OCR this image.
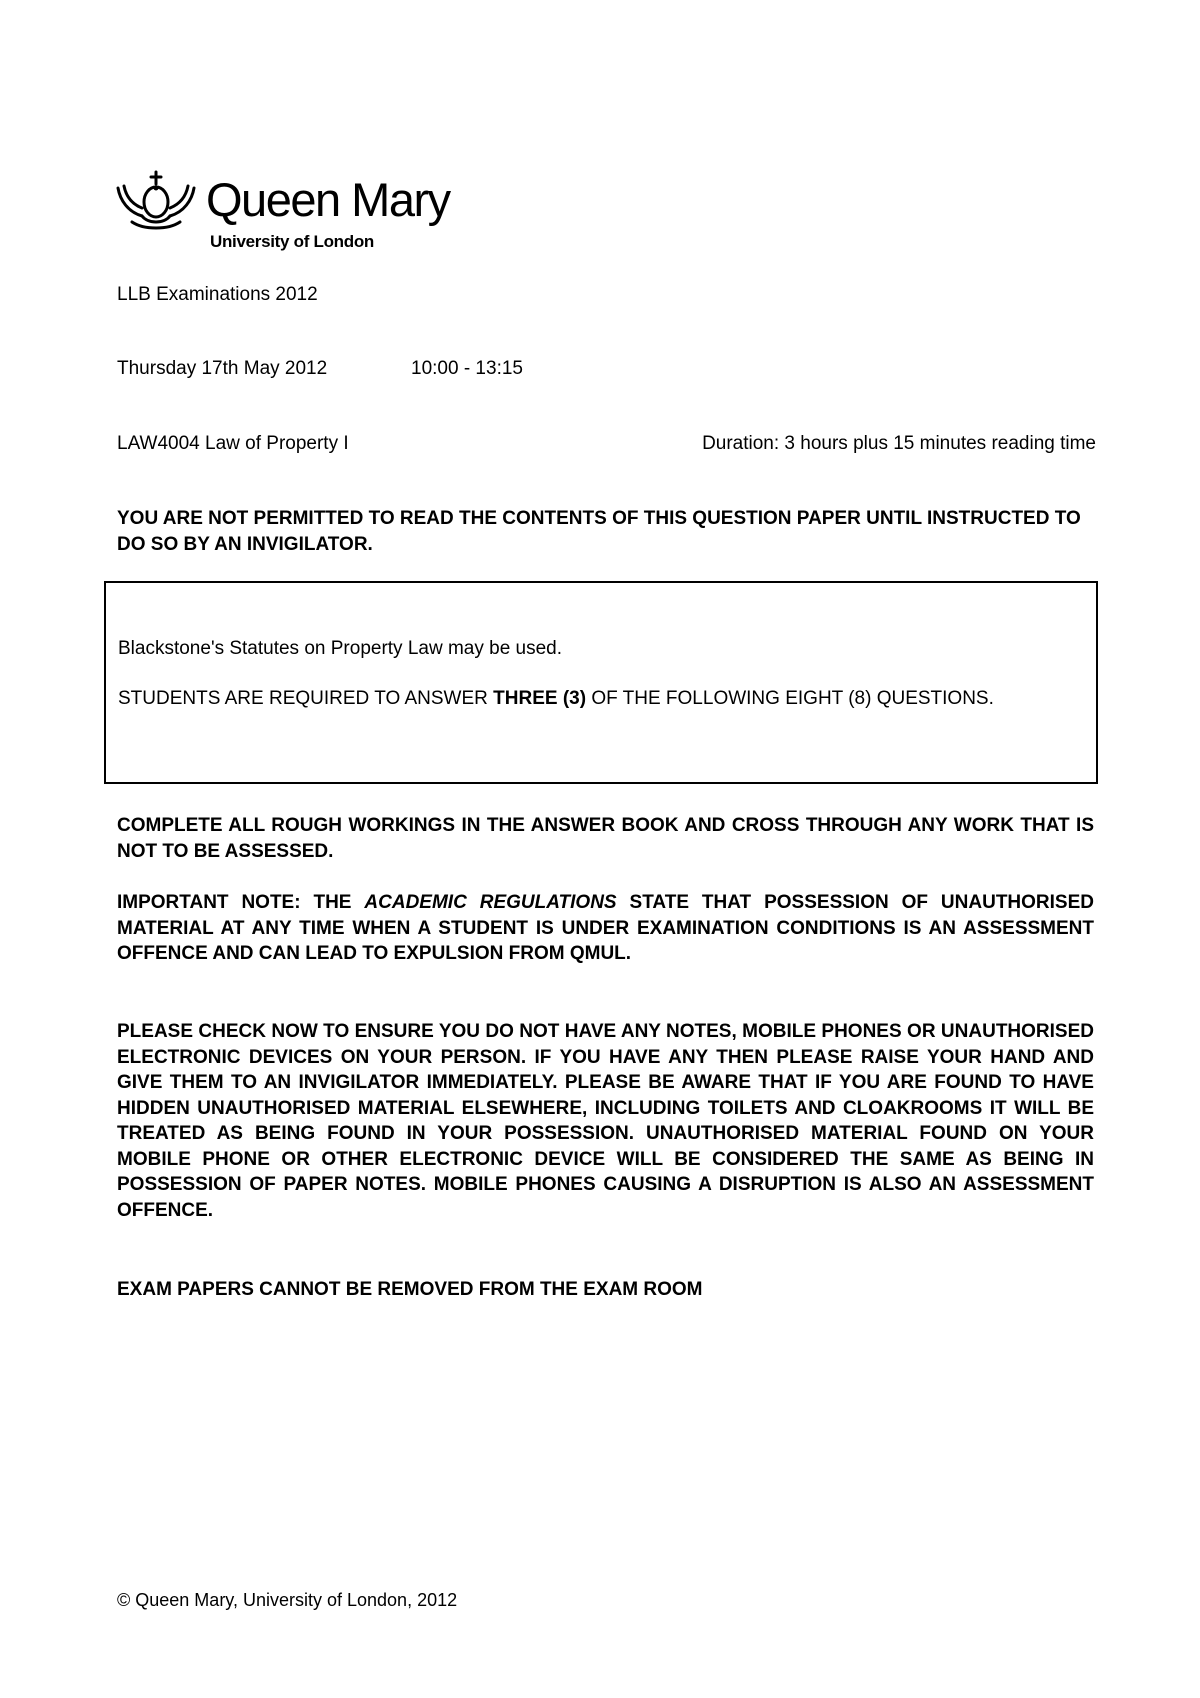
Queen Mary
University of London
LLB Examinations 2012
Thursday 17th May 2012	10:00 - 13:15
LAW4004 Law of Property I	Duration: 3 hours plus 15 minutes reading time
YOU ARE NOT PERMITTED TO READ THE CONTENTS OF THIS QUESTION PAPER UNTIL INSTRUCTED TO DO SO BY AN INVIGILATOR.
Blackstone's Statutes on Property Law may be used.
STUDENTS ARE REQUIRED TO ANSWER THREE (3) OF THE FOLLOWING EIGHT (8) QUESTIONS.
COMPLETE ALL ROUGH WORKINGS IN THE ANSWER BOOK AND CROSS THROUGH ANY WORK THAT IS NOT TO BE ASSESSED.
IMPORTANT NOTE: THE ACADEMIC REGULATIONS STATE THAT POSSESSION OF UNAUTHORISED MATERIAL AT ANY TIME WHEN A STUDENT IS UNDER EXAMINATION CONDITIONS IS AN ASSESSMENT OFFENCE AND CAN LEAD TO EXPULSION FROM QMUL.
PLEASE CHECK NOW TO ENSURE YOU DO NOT HAVE ANY NOTES, MOBILE PHONES OR UNAUTHORISED ELECTRONIC DEVICES ON YOUR PERSON. IF YOU HAVE ANY THEN PLEASE RAISE YOUR HAND AND GIVE THEM TO AN INVIGILATOR IMMEDIATELY. PLEASE BE AWARE THAT IF YOU ARE FOUND TO HAVE HIDDEN UNAUTHORISED MATERIAL ELSEWHERE, INCLUDING TOILETS AND CLOAKROOMS IT WILL BE TREATED AS BEING FOUND IN YOUR POSSESSION. UNAUTHORISED MATERIAL FOUND ON YOUR MOBILE PHONE OR OTHER ELECTRONIC DEVICE WILL BE CONSIDERED THE SAME AS BEING IN POSSESSION OF PAPER NOTES. MOBILE PHONES CAUSING A DISRUPTION IS ALSO AN ASSESSMENT OFFENCE.
EXAM PAPERS CANNOT BE REMOVED FROM THE EXAM ROOM
© Queen Mary, University of London, 2012
